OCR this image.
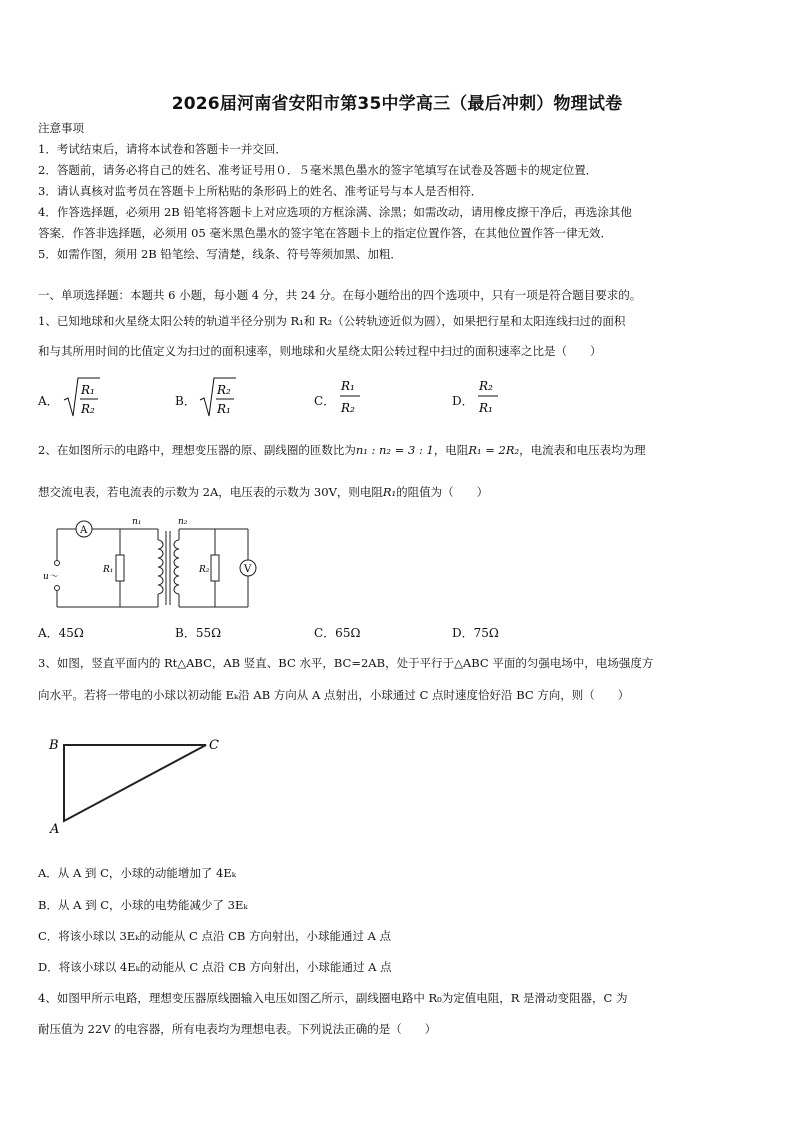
2026届河南省安阳市第35中学高三（最后冲刺）物理试卷
注意事项
1．考试结束后，请将本试卷和答题卡一并交回．
2．答题前，请务必将自己的姓名、准考证号用０．５毫米黑色墨水的签字笔填写在试卷及答题卡的规定位置．
3．请认真核对监考员在答题卡上所粘贴的条形码上的姓名、准考证号与本人是否相符．
4．作答选择题，必须用 2B 铅笔将答题卡上对应选项的方框涂满、涂黑；如需改动，请用橡皮擦干净后，再选涂其他
答案．作答非选择题，必须用 05 毫米黑色墨水的签字笔在答题卡上的指定位置作答，在其他位置作答一律无效．
5．如需作图，须用 2B 铅笔绘、写清楚，线条、符号等须加黑、加粗．
一、单项选择题：本题共 6 小题，每小题 4 分，共 24 分。在每小题给出的四个选项中，只有一项是符合题目要求的。
1、已知地球和火星绕太阳公转的轨道半径分别为 R₁和 R₂（公转轨迹近似为圆），如果把行星和太阳连线扫过的面积
和与其所用时间的比值定义为扫过的面积速率，则地球和火星绕太阳公转过程中扫过的面积速率之比是（　　）
A．
R₁
R₂
B．
R₂
R₁
C．
R₁
R₂	D．
R₂
R₁
2、在如图所示的电路中，理想变压器的原、副线圈的匝数比为n₁ : n₂ = 3 : 1，电阻R₁ = 2R₂，电流表和电压表均为理
想交流电表，若电流表的示数为 2A，电压表的示数为 30V，则电阻R₁的阻值为（　　）
A
V
n₁	n₂
R₁	R₂
u～
A．45Ω	B．55Ω	C．65Ω	D．75Ω
3、如图，竖直平面内的 Rt△ABC，AB 竖直、BC 水平，BC=2AB，处于平行于△ABC 平面的匀强电场中，电场强度方
向水平。若将一带电的小球以初动能 Eₖ沿 AB 方向从 A 点射出，小球通过 C 点时速度恰好沿 BC 方向，则（　　）
B	C
A
A．从 A 到 C，小球的动能增加了 4Eₖ
B．从 A 到 C，小球的电势能减少了 3Eₖ
C．将该小球以 3Eₖ的动能从 C 点沿 CB 方向射出，小球能通过 A 点
D．将该小球以 4Eₖ的动能从 C 点沿 CB 方向射出，小球能通过 A 点
4、如图甲所示电路，理想变压器原线圈输入电压如图乙所示，副线圈电路中 R₀为定值电阻，R 是滑动变阻器，C 为
耐压值为 22V 的电容器，所有电表均为理想电表。下列说法正确的是（　　）
